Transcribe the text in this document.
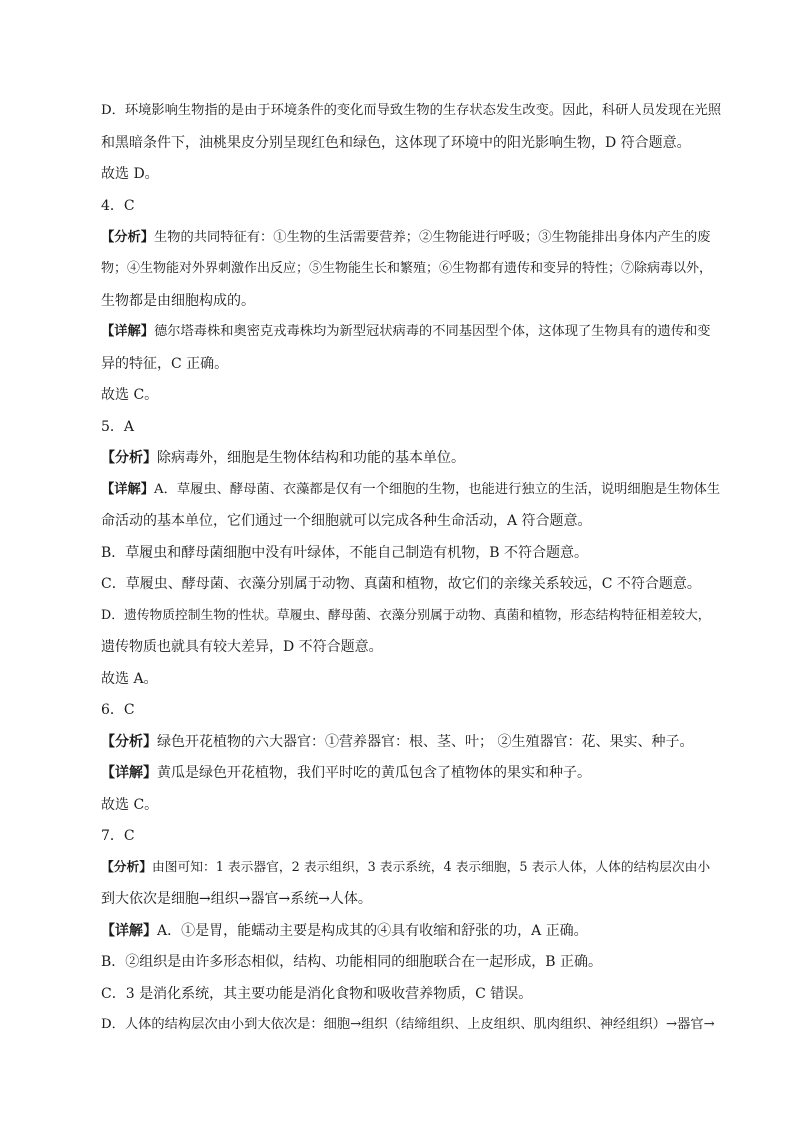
D．环境影响生物指的是由于环境条件的变化而导致生物的生存状态发生改变。因此，科研人员发现在光照
和黑暗条件下，油桃果皮分别呈现红色和绿色，这体现了环境中的阳光影响生物，D 符合题意。
故选 D。
4．C
【分析】生物的共同特征有：①生物的生活需要营养；②生物能进行呼吸；③生物能排出身体内产生的废
物；④生物能对外界刺激作出反应；⑤生物能生长和繁殖；⑥生物都有遗传和变异的特性；⑦除病毒以外，
生物都是由细胞构成的。
【详解】德尔塔毒株和奥密克戎毒株均为新型冠状病毒的不同基因型个体，这体现了生物具有的遗传和变
异的特征，C 正确。
故选 C。
5．A
【分析】除病毒外，细胞是生物体结构和功能的基本单位。
【详解】A．草履虫、酵母菌、衣藻都是仅有一个细胞的生物，也能进行独立的生活，说明细胞是生物体生
命活动的基本单位，它们通过一个细胞就可以完成各种生命活动，A 符合题意。
B．草履虫和酵母菌细胞中没有叶绿体，不能自己制造有机物，B 不符合题意。
C．草履虫、酵母菌、衣藻分别属于动物、真菌和植物，故它们的亲缘关系较远，C 不符合题意。
D．遗传物质控制生物的性状。草履虫、酵母菌、衣藻分别属于动物、真菌和植物，形态结构特征相差较大，
遗传物质也就具有较大差异，D 不符合题意。
故选 A。
6．C
【分析】绿色开花植物的六大器官：①营养器官：根、茎、叶； ②生殖器官：花、果实、种子。
【详解】黄瓜是绿色开花植物，我们平时吃的黄瓜包含了植物体的果实和种子。
故选 C。
7．C
【分析】由图可知：1 表示器官，2 表示组织，3 表示系统，4 表示细胞，5 表示人体，人体的结构层次由小
到大依次是细胞→组织→器官→系统→人体。
【详解】A．①是胃，能蠕动主要是构成其的④具有收缩和舒张的功，A 正确。
B．②组织是由许多形态相似，结构、功能相同的细胞联合在一起形成，B 正确。
C．3 是消化系统，其主要功能是消化食物和吸收营养物质，C 错误。
D．人体的结构层次由小到大依次是：细胞→组织（结缔组织、上皮组织、肌肉组织、神经组织）→器官→
